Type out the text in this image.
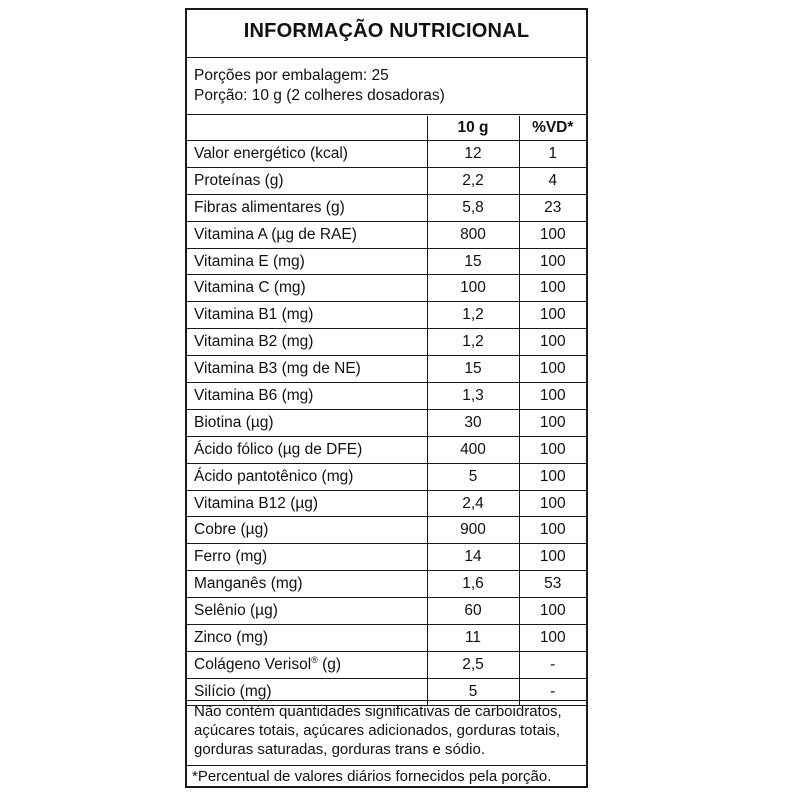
INFORMAÇÃO NUTRICIONAL
Porções por embalagem: 25
Porção: 10 g (2 colheres dosadoras)
	10 g	%VD*
Valor energético (kcal)	12	1
Proteínas (g)	2,2	4
Fibras alimentares (g)	5,8	23
Vitamina A (µg de RAE)	800	100
Vitamina E (mg)	15	100
Vitamina C (mg)	100	100
Vitamina B1 (mg)	1,2	100
Vitamina B2 (mg)	1,2	100
Vitamina B3 (mg de NE)	15	100
Vitamina B6 (mg)	1,3	100
Biotina (µg)	30	100
Ácido fólico (µg de DFE)	400	100
Ácido pantotênico (mg)	5	100
Vitamina B12 (µg)	2,4	100
Cobre (µg)	900	100
Ferro (mg)	14	100
Manganês (mg)	1,6	53
Selênio (µg)	60	100
Zinco (mg)	11	100
Colágeno Verisol® (g)	2,5	-
Silício (mg)	5	-
Não contém quantidades significativas de carboidratos, açúcares totais, açúcares adicionados, gorduras totais, gorduras saturadas, gorduras trans e sódio.
*Percentual de valores diários fornecidos pela porção.
